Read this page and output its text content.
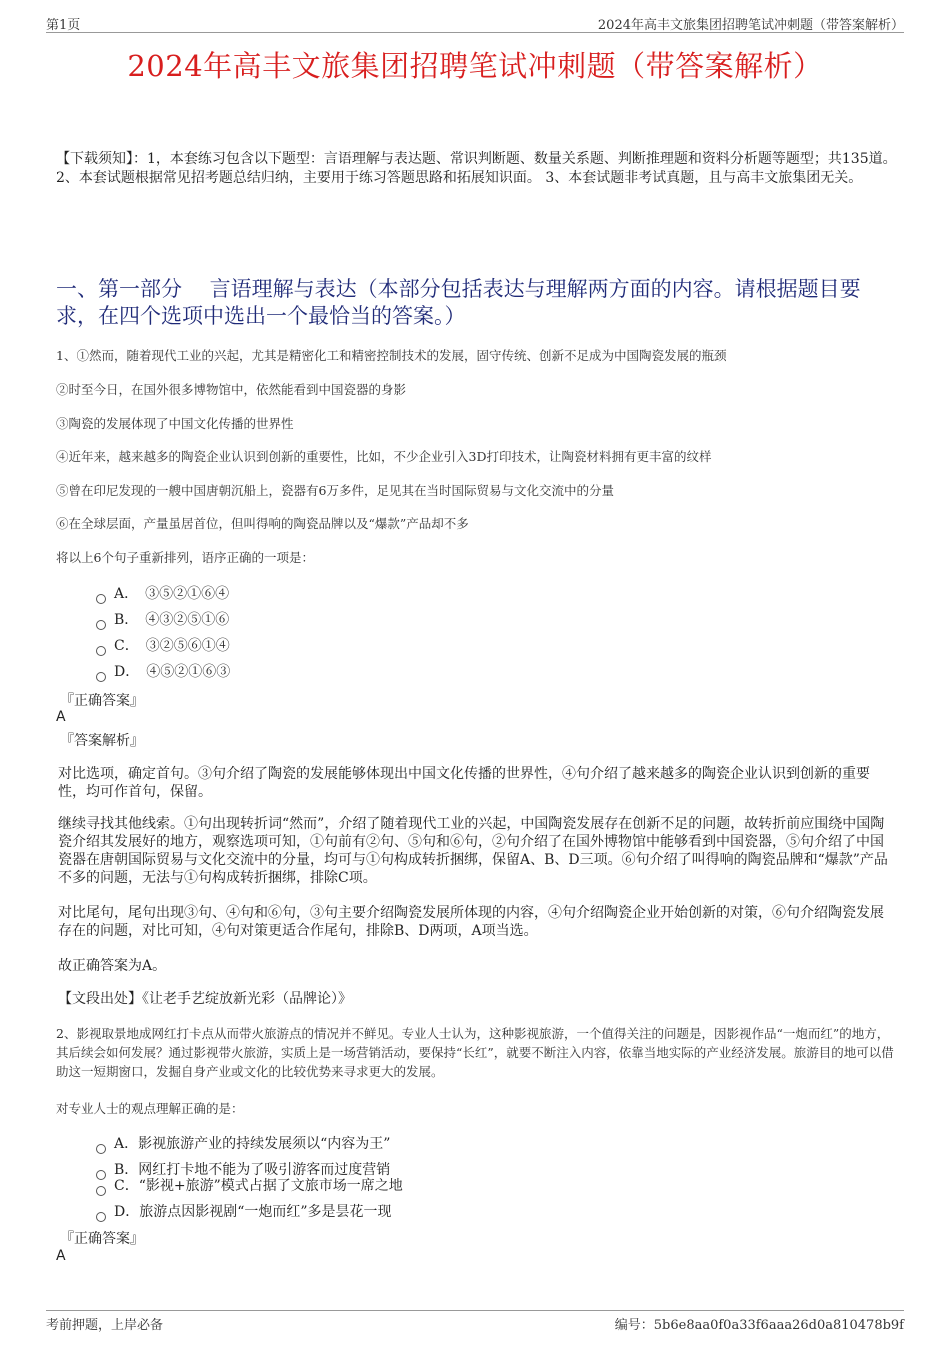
第1页	2024年高丰文旅集团招聘笔试冲刺题（带答案解析）
2024年高丰文旅集团招聘笔试冲刺题（带答案解析）
【下载须知】：1，本套练习包含以下题型：言语理解与表达题、常识判断题、数量关系题、判断推理题和资料分析题等题型；共135道。 2、本套试题根据常见招考题总结归纳，主要用于练习答题思路和拓展知识面。 3、本套试题非考试真题，且与高丰文旅集团无关。
一、第一部分　 言语理解与表达（本部分包括表达与理解两方面的内容。请根据题目要求，在四个选项中选出一个最恰当的答案。）
1、①然而，随着现代工业的兴起，尤其是精密化工和精密控制技术的发展，固守传统、创新不足成为中国陶瓷发展的瓶颈
②时至今日，在国外很多博物馆中，依然能看到中国瓷器的身影
③陶瓷的发展体现了中国文化传播的世界性
④近年来，越来越多的陶瓷企业认识到创新的重要性，比如，不少企业引入3D打印技术，让陶瓷材料拥有更丰富的纹样
⑤曾在印尼发现的一艘中国唐朝沉船上，瓷器有6万多件，足见其在当时国际贸易与文化交流中的分量
⑥在全球层面，产量虽居首位，但叫得响的陶瓷品牌以及“爆款”产品却不多
将以上6个句子重新排列，语序正确的一项是：
A．　③⑤②①⑥④
B．　④③②⑤①⑥
C．　③②⑤⑥①④
D．　④⑤②①⑥③
『正确答案』
A
『答案解析』
对比选项，确定首句。③句介绍了陶瓷的发展能够体现出中国文化传播的世界性，④句介绍了越来越多的陶瓷企业认识到创新的重要性，均可作首句，保留。
继续寻找其他线索。①句出现转折词“然而”，介绍了随着现代工业的兴起，中国陶瓷发展存在创新不足的问题，故转折前应围绕中国陶瓷介绍其发展好的地方，观察选项可知，①句前有②句、⑤句和⑥句，②句介绍了在国外博物馆中能够看到中国瓷器，⑤句介绍了中国瓷器在唐朝国际贸易与文化交流中的分量，均可与①句构成转折捆绑，保留A、B、D三项。⑥句介绍了叫得响的陶瓷品牌和“爆款”产品不多的问题，无法与①句构成转折捆绑，排除C项。
对比尾句，尾句出现③句、④句和⑥句，③句主要介绍陶瓷发展所体现的内容，④句介绍陶瓷企业开始创新的对策，⑥句介绍陶瓷发展存在的问题，对比可知，④句对策更适合作尾句，排除B、D两项，A项当选。
故正确答案为A。
【文段出处】《让老手艺绽放新光彩（品牌论）》
2、影视取景地成网红打卡点从而带火旅游点的情况并不鲜见。专业人士认为，这种影视旅游，一个值得关注的问题是，因影视作品“一炮而红”的地方，其后续会如何发展？通过影视带火旅游，实质上是一场营销活动，要保持“长红”，就要不断注入内容，依靠当地实际的产业经济发展。旅游目的地可以借助这一短期窗口，发掘自身产业或文化的比较优势来寻求更大的发展。
对专业人士的观点理解正确的是：
A．影视旅游产业的持续发展须以“内容为王”
B．网红打卡地不能为了吸引游客而过度营销
C．“影视+旅游”模式占据了文旅市场一席之地
D．旅游点因影视剧“一炮而红”多是昙花一现
『正确答案』
A
考前押题，上岸必备	编号：5b6e8aa0f0a33f6aaa26d0a810478b9f
